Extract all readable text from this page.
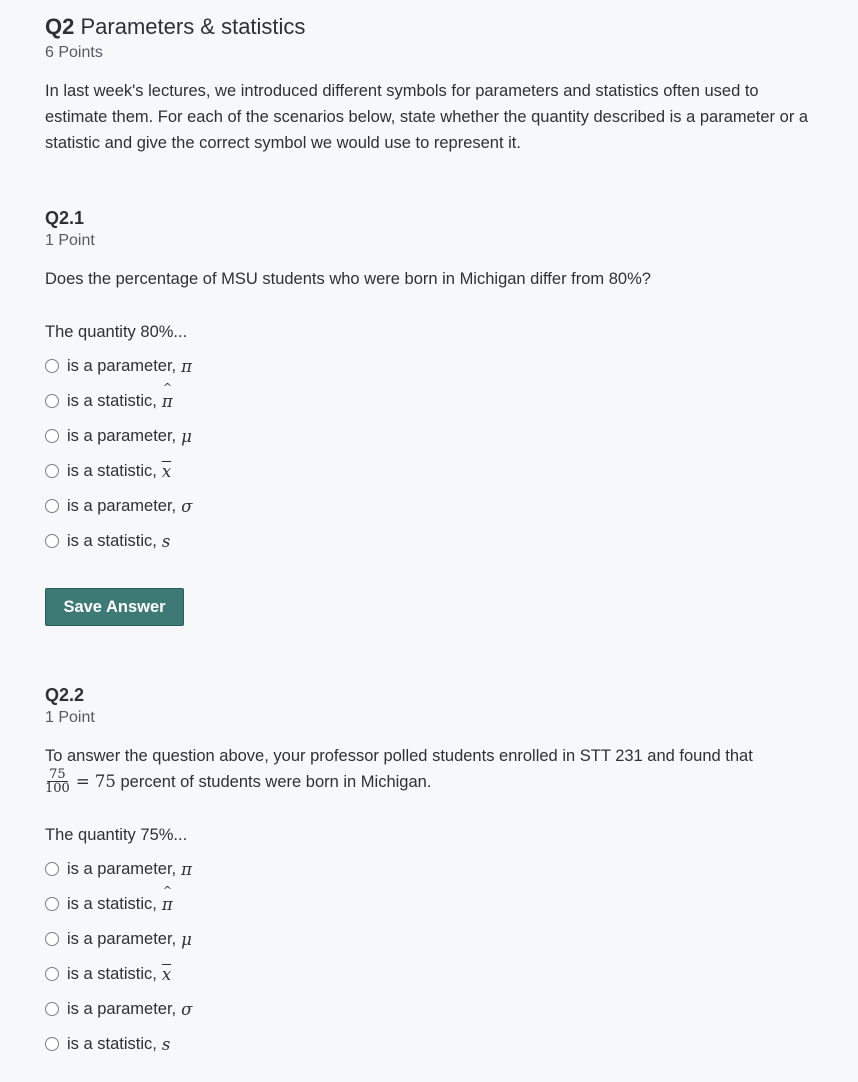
Q2 Parameters & statistics
6 Points

In last week's lectures, we introduced different symbols for parameters and statistics often used to estimate them. For each of the scenarios below, state whether the quantity described is a parameter or a statistic and give the correct symbol we would use to represent it.

Q2.1
1 Point
Does the percentage of MSU students who were born in Michigan differ from 80%?
The quantity 80%...
is a parameter, π
is a statistic, ^ π
is a parameter, μ
is a statistic, $\overline{x}$
is a parameter, σ
is a statistic, s
Save Answer
Q2.2
1 Point
To answer the question above, your professor polled students enrolled in STT 231 and found that
$\frac{75}{100} = 75$ percent of students were born in Michigan.
The quantity 75%...
is a parameter, π
is a statistic, ^ π
is a parameter, μ
is a statistic, $\overline{x}$
is a parameter, σ
is a statistic, s
